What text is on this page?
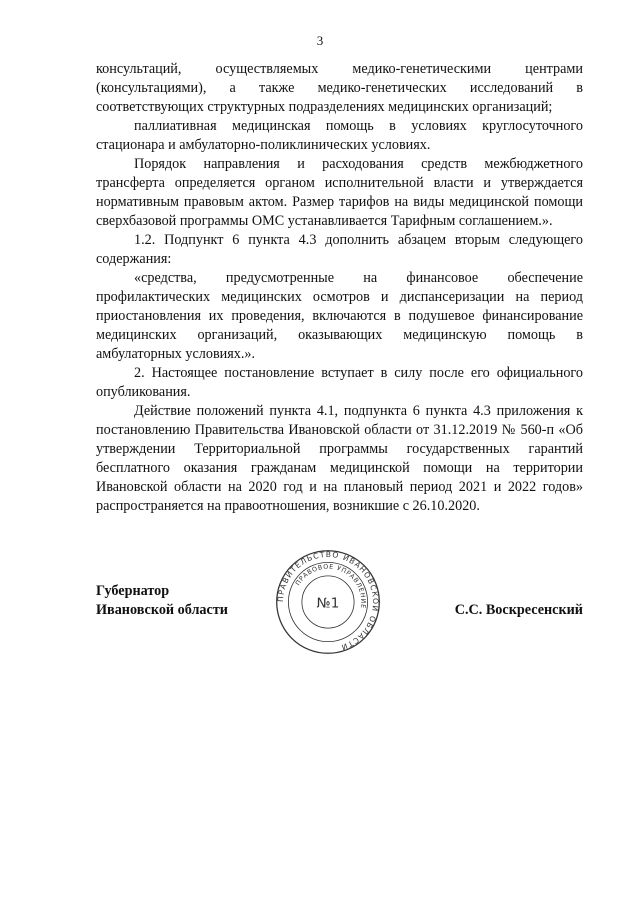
3

консультаций, осуществляемых медико-генетическими центрами (консультациями), а также медико-генетических исследований в соответствующих структурных подразделениях медицинских организаций;

паллиативная медицинская помощь в условиях круглосуточного стационара и амбулаторно-поликлинических условиях.

Порядок направления и расходования средств межбюджетного трансферта определяется органом исполнительной власти и утверждается нормативным правовым актом. Размер тарифов на виды медицинской помощи сверхбазовой программы ОМС устанавливается Тарифным соглашением.».

1.2. Подпункт 6 пункта 4.3 дополнить абзацем вторым следующего содержания:

«средства, предусмотренные на финансовое обеспечение профилактических медицинских осмотров и диспансеризации на период приостановления их проведения, включаются в подушевое финансирование медицинских организаций, оказывающих медицинскую помощь в амбулаторных условиях.».

2. Настоящее постановление вступает в силу после его официального опубликования.

Действие положений пункта 4.1, подпункта 6 пункта 4.3 приложения к постановлению Правительства Ивановской области от 31.12.2019 № 560-п «Об утверждении Территориальной программы государственных гарантий бесплатного оказания гражданам медицинской помощи на территории Ивановской области на 2020 год и на плановый период 2021 и 2022 годов» распространяется на правоотношения, возникшие с 26.10.2020.

Губернатор
Ивановской области	С.С. Воскресенский
ПРАВИТЕЛЬСТВО ИВАНОВСКОЙ ОБЛАСТИ
ПРАВОВОЕ УПРАВЛЕНИЕ
№1
